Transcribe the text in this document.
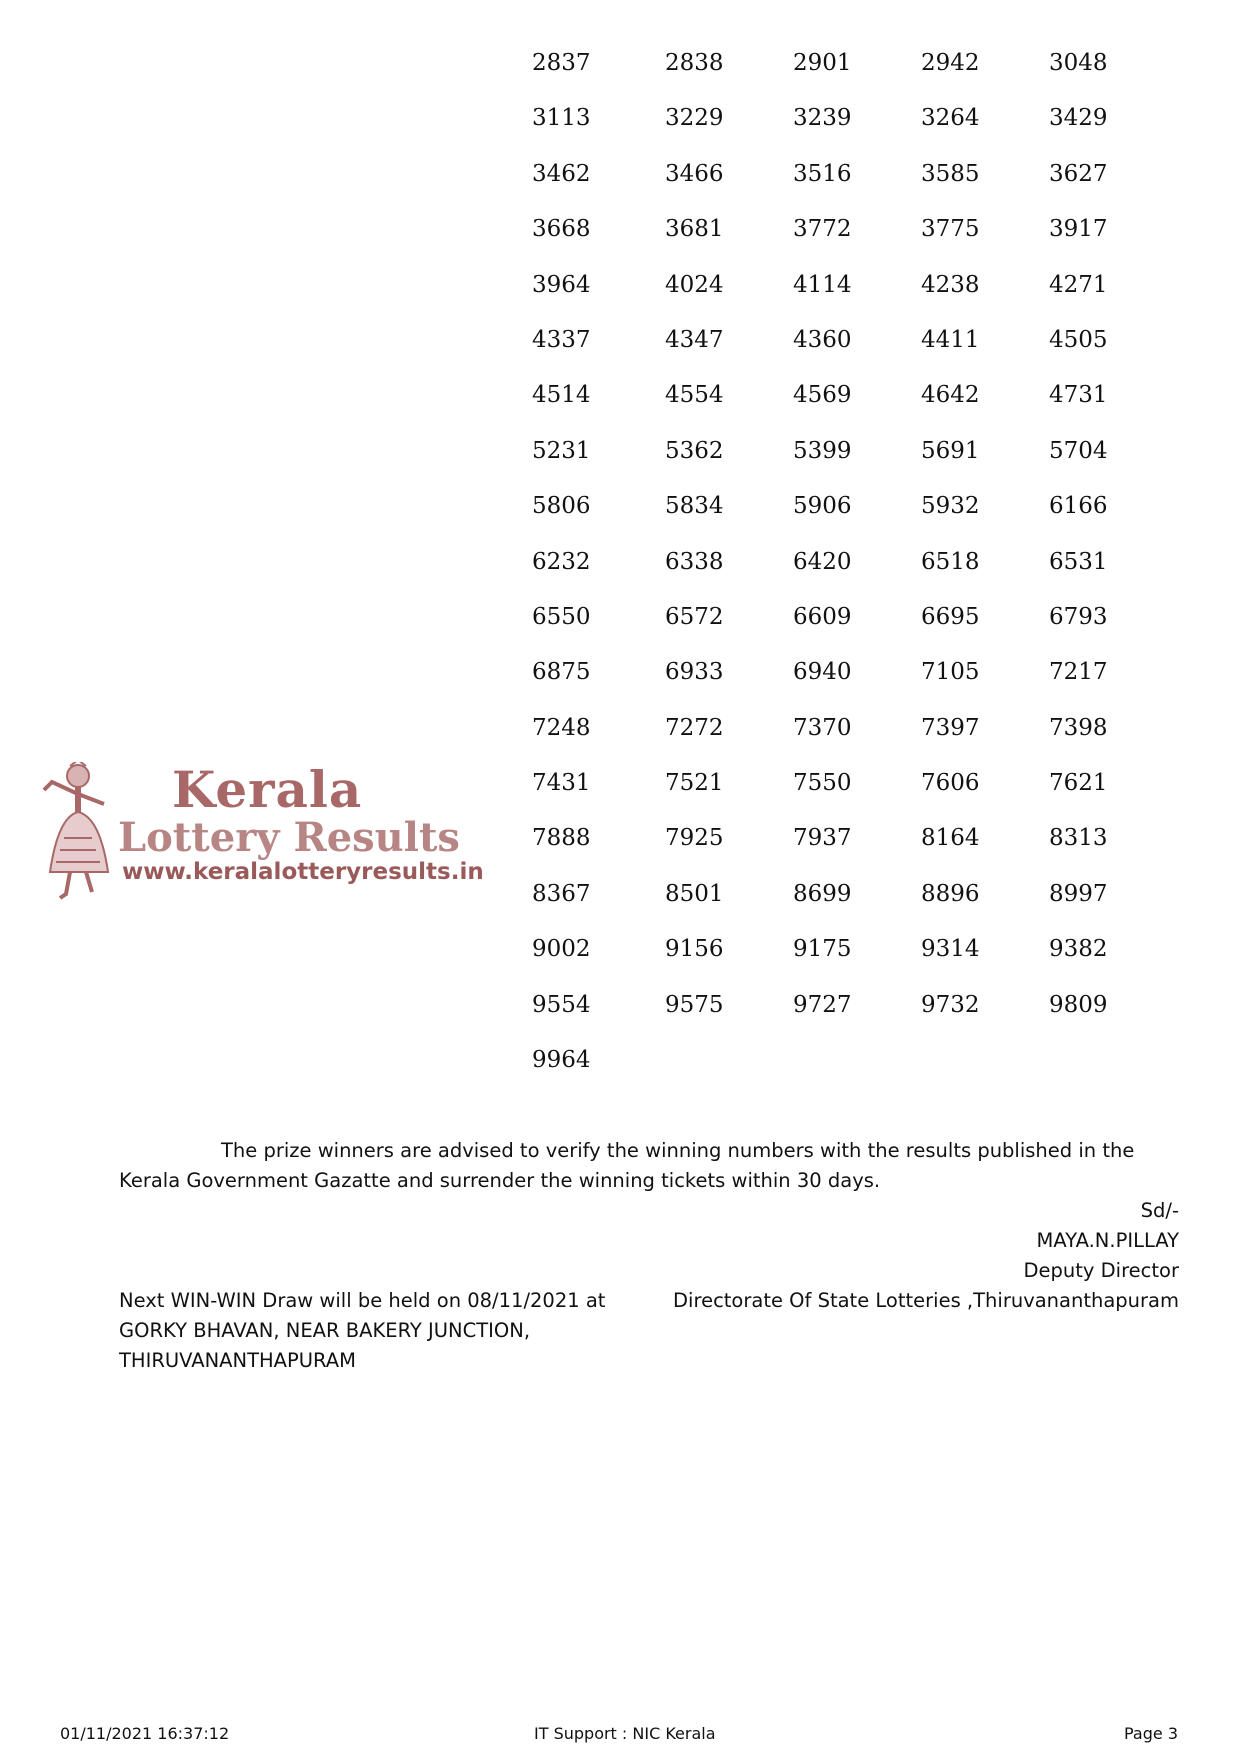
2837	2838	2901	2942	3048
3113	3229	3239	3264	3429
3462	3466	3516	3585	3627
3668	3681	3772	3775	3917
3964	4024	4114	4238	4271
4337	4347	4360	4411	4505
4514	4554	4569	4642	4731
5231	5362	5399	5691	5704
5806	5834	5906	5932	6166
6232	6338	6420	6518	6531
6550	6572	6609	6695	6793
6875	6933	6940	7105	7217
7248	7272	7370	7397	7398
7431	7521	7550	7606	7621
7888	7925	7937	8164	8313
8367	8501	8699	8896	8997
9002	9156	9175	9314	9382
9554	9575	9727	9732	9809
9964
Kerala
Lottery Results
www.keralalotteryresults.in

The prize winners are advised to verify the winning numbers with the results published in the Kerala Government Gazatte and surrender the winning tickets within 30 days.

Sd/-
MAYA.N.PILLAY
Deputy Director
Directorate Of State Lotteries ,Thiruvananthapuram
Next WIN-WIN Draw will be held on 08/11/2021 at
GORKY BHAVAN, NEAR BAKERY JUNCTION,
THIRUVANANTHAPURAM
01/11/2021 16:37:12	IT Support : NIC Kerala	Page 3
